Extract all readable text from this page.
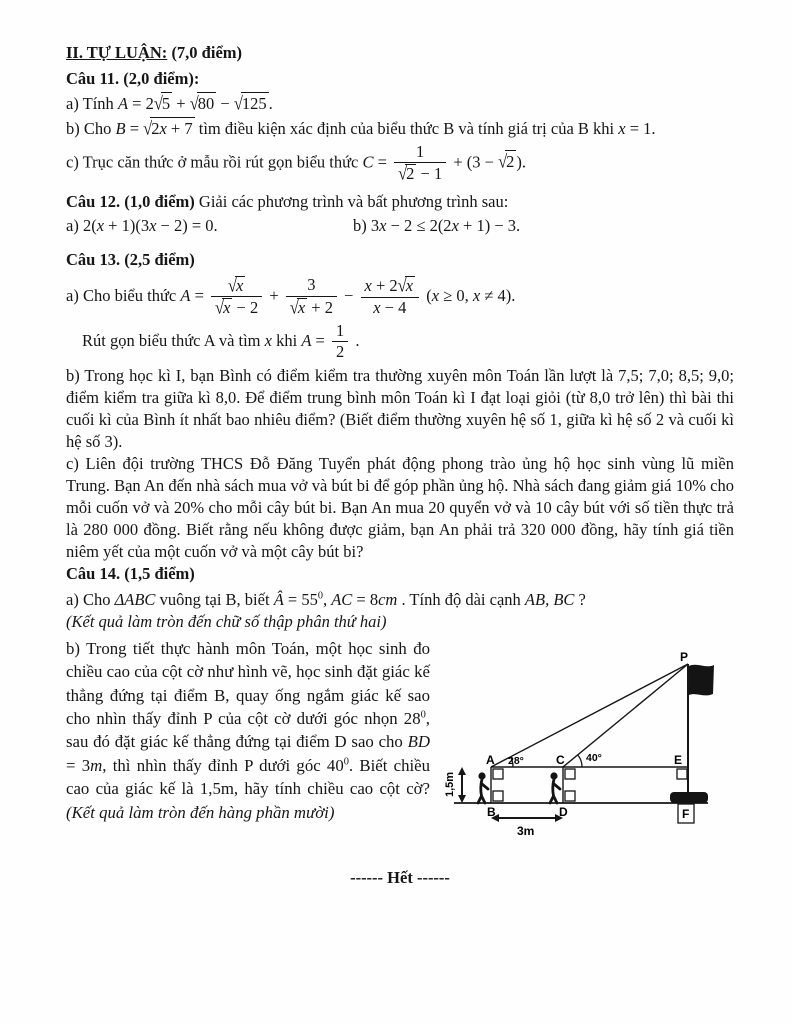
II. TỰ LUẬN: (7,0 điểm)
Câu 11. (2,0 điểm):
a) Tính A = 2√5 + √80 − √125 .
b) Cho B = √2x + 7 tìm điều kiện xác định của biểu thức B và tính giá trị của B khi x = 1.
c) Trục căn thức ở mẫu rồi rút gọn biểu thức $C = \frac{1}{√2 - 1} + (3 - √2$ ).
Câu 12. (1,0 điểm) Giải các phương trình và bất phương trình sau:
a) 2(x + 1)(3x − 2) = 0.	b) 3x − 2 ≤ 2(2x + 1) − 3.
Câu 13. (2,5 điểm)
a) Cho biểu thức $A = \frac{√x}{√x - 2} + \frac{3}{√x + 2} - \frac{x + 2√x}{x - 4} (x \ge 0$, x ≠ 4).
Rút gọn biểu thức A và tìm x khi $A = \frac{1}{2}$ .

b) Trong học kì I, bạn Bình có điểm kiểm tra thường xuyên môn Toán lần lượt là 7,5; 7,0; 8,5; 9,0; điểm kiểm tra giữa kì 8,0. Để điểm trung bình môn Toán kì I đạt loại giỏi (từ 8,0 trở lên) thì bài thi cuối kì của Bình ít nhất bao nhiêu điểm? (Biết điểm thường xuyên hệ số 1, giữa kì hệ số 2 và cuối kì hệ số 3).

c) Liên đội trường THCS Đỗ Đăng Tuyển phát động phong trào ủng hộ học sinh vùng lũ miền Trung. Bạn An đến nhà sách mua vở và bút bi để góp phần ủng hộ. Nhà sách đang giảm giá 10% cho mỗi cuốn vở và 20% cho mỗi cây bút bi. Bạn An mua 20 quyển vở và 10 cây bút với số tiền thực trả là 280 000 đồng. Biết rằng nếu không được giảm, bạn An phải trả 320 000 đồng, hãy tính giá tiền niêm yết của một cuốn vở và một cây bút bi?

Câu 14. (1,5 điểm)
a) Cho ΔABC vuông tại B, biết Â = $55^0$, AC = 8cm . Tính độ dài cạnh AB, BC ?
(Kết quả làm tròn đến chữ số thập phân thứ hai)
b) Trong tiết thực hành môn Toán, một học sinh đo chiều cao của cột cờ như hình vẽ, học sinh đặt giác kế thẳng đứng tại điểm B, quay ống ngắm giác kế sao cho nhìn thấy đỉnh P của cột cờ dưới góc nhọn $28^0$, sau đó đặt giác kế thẳng đứng tại điểm D sao cho BD = 3m, thì nhìn thấy đỉnh P dưới góc $40^0$. Biết chiều cao của giác kế là 1,5m, hãy tính chiều cao cột cờ? (Kết quả làm tròn đến hàng phần mười)
P
A	C	E
B	D	F
28°	40°
1,5m
3m
------ Hết ------
